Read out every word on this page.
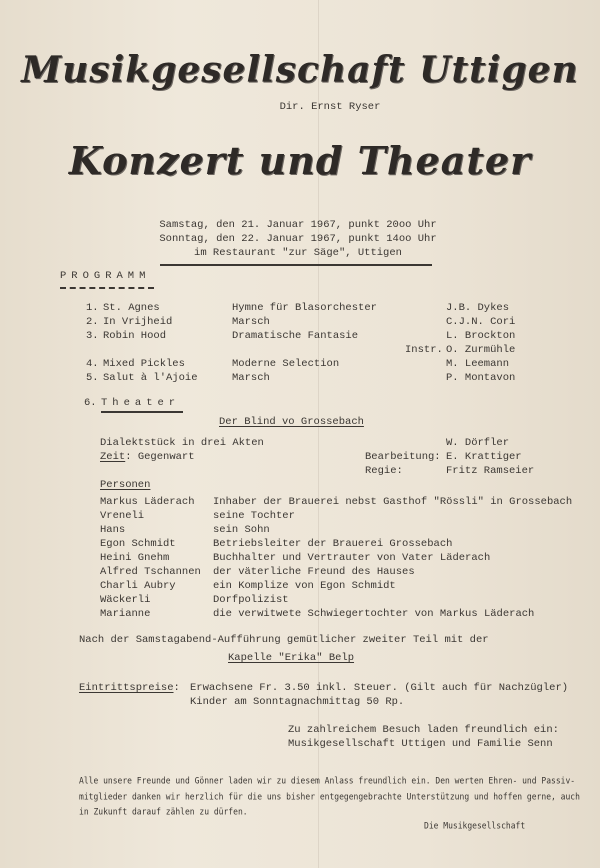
Musikgesellschaft Uttigen
Dir. Ernst Ryser
Konzert und Theater
Samstag, den 21. Januar 1967, punkt 20oo Uhr
Sonntag, den 22. Januar 1967, punkt 14oo Uhr
im Restaurant "zur Säge", Uttigen
PROGRAMM
1. St. Agnes	Hymne für Blasorchester	J.B. Dykes
2. In Vrijheid	Marsch	C.J.N. Cori
3. Robin Hood	Dramatische Fantasie	L. Brockton
Instr. O. Zurmühle
4. Mixed Pickles	Moderne Selection	M. Leemann
5. Salut à l'Ajoie	Marsch	P. Montavon
6. Theater
Der Blind vo Grossebach
Dialektstück in drei Akten	W. Dörfler
Zeit: Gegenwart	Bearbeitung: E. Krattiger
Regie:	Fritz Ramseier
Personen
Markus Läderach Inhaber der Brauerei nebst Gasthof "Rössli" in Grossebach
Vreneli	seine Tochter
Hans	sein Sohn
Egon Schmidt	Betriebsleiter der Brauerei Grossebach
Heini Gnehm	Buchhalter und Vertrauter von Vater Läderach
Alfred Tschannen der väterliche Freund des Hauses
Charli Aubry	ein Komplize von Egon Schmidt
Wäckerli	Dorfpolizist
Marianne	die verwitwete Schwiegertochter von Markus Läderach
Nach der Samstagabend-Aufführung gemütlicher zweiter Teil mit der
Kapelle "Erika" Belp
Eintrittspreise: Erwachsene Fr. 3.50 inkl. Steuer. (Gilt auch für Nachzügler)
Kinder am Sonntagnachmittag 50 Rp.
Zu zahlreichem Besuch laden freundlich ein:
Musikgesellschaft Uttigen und Familie Senn
Alle unsere Freunde und Gönner laden wir zu diesem Anlass freundlich ein. Den werten Ehren- und Passiv-
mitglieder danken wir herzlich für die uns bisher entgegengebrachte Unterstützung und hoffen gerne, auch
in Zukunft darauf zählen zu dürfen.
Die Musikgesellschaft
